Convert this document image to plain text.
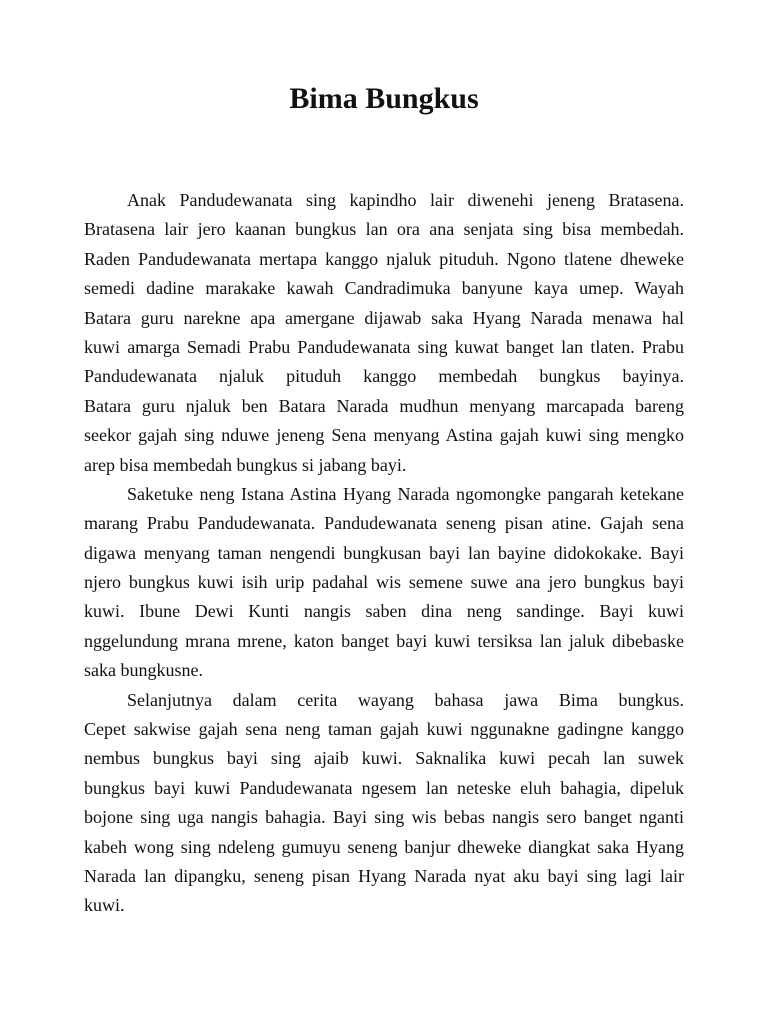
Bima Bungkus
Anak Pandudewanata sing kapindho lair diwenehi jeneng Bratasena.
Bratasena lair jero kaanan bungkus lan ora ana senjata sing bisa membedah.
Raden Pandudewanata mertapa kanggo njaluk pituduh. Ngono tlatene dheweke
semedi dadine marakake kawah Candradimuka banyune kaya umep. Wayah
Batara guru narekne apa amergane dijawab saka Hyang Narada menawa hal
kuwi amarga Semadi Prabu Pandudewanata sing kuwat banget lan tlaten. Prabu
Pandudewanata njaluk pituduh kanggo membedah bungkus bayinya.
Batara guru njaluk ben Batara Narada mudhun menyang marcapada bareng
seekor gajah sing nduwe jeneng Sena menyang Astina gajah kuwi sing mengko
arep bisa membedah bungkus si jabang bayi.
Saketuke neng Istana Astina Hyang Narada ngomongke pangarah ketekane
marang Prabu Pandudewanata. Pandudewanata seneng pisan atine. Gajah sena
digawa menyang taman nengendi bungkusan bayi lan bayine didokokake. Bayi
njero bungkus kuwi isih urip padahal wis semene suwe ana jero bungkus bayi
kuwi. Ibune Dewi Kunti nangis saben dina neng sandinge. Bayi kuwi
nggelundung mrana mrene, katon banget bayi kuwi tersiksa lan jaluk dibebaske
saka bungkusne.
Selanjutnya dalam cerita wayang bahasa jawa Bima bungkus.
Cepet sakwise gajah sena neng taman gajah kuwi nggunakne gadingne kanggo
nembus bungkus bayi sing ajaib kuwi. Saknalika kuwi pecah lan suwek
bungkus bayi kuwi Pandudewanata ngesem lan neteske eluh bahagia, dipeluk
bojone sing uga nangis bahagia. Bayi sing wis bebas nangis sero banget nganti
kabeh wong sing ndeleng gumuyu seneng banjur dheweke diangkat saka Hyang
Narada lan dipangku, seneng pisan Hyang Narada nyat aku bayi sing lagi lair
kuwi.
